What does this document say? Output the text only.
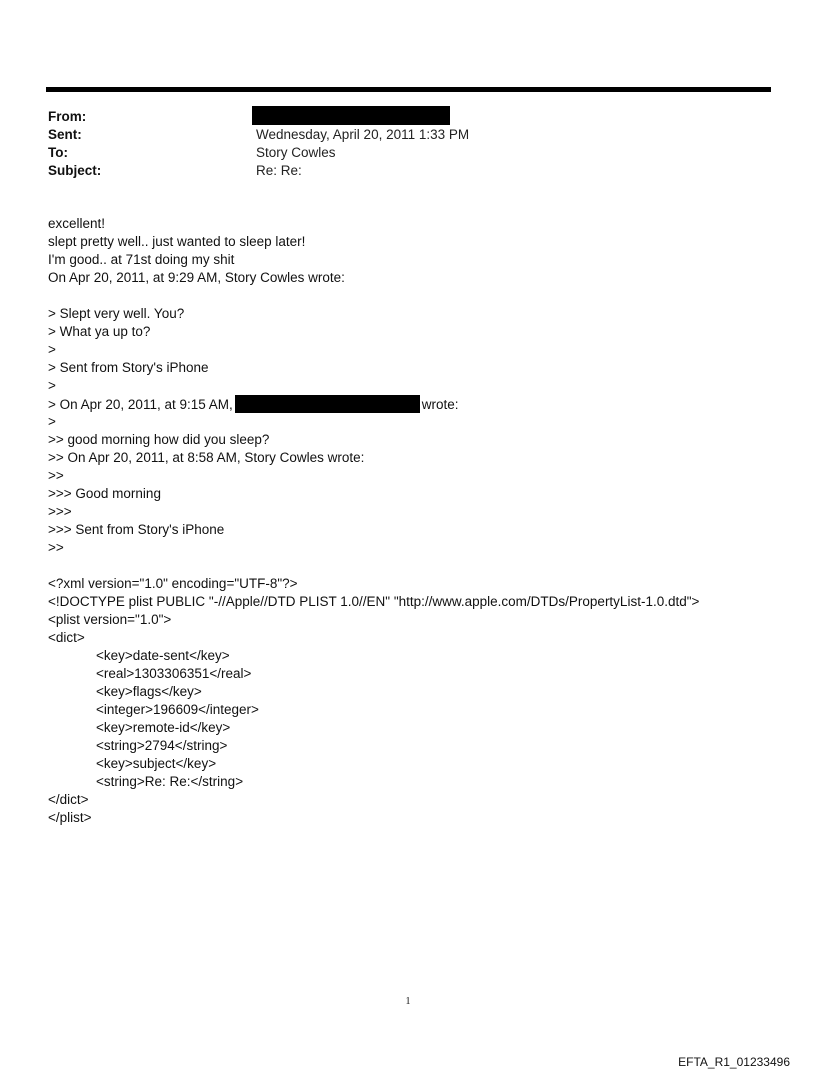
From:
Sent:	Wednesday, April 20, 2011 1:33 PM
To:	Story Cowles
Subject:	Re: Re:
excellent!
slept pretty well.. just wanted to sleep later!
I'm good.. at 71st doing my shit
On Apr 20, 2011, at 9:29 AM, Story Cowles wrote:
> Slept very well. You?
> What ya up to?
>
> Sent from Story's iPhone
>
> On Apr 20, 2011, at 9:15 AM,	wrote:
>
>> good morning how did you sleep?
>> On Apr 20, 2011, at 8:58 AM, Story Cowles wrote:
>>
>>> Good morning
>>>
>>> Sent from Story's iPhone
>>
<?xml version="1.0" encoding="UTF-8"?>
<!DOCTYPE plist PUBLIC "-//Apple//DTD PLIST 1.0//EN" "http://www.apple.com/DTDs/PropertyList-1.0.dtd">
<plist version="1.0">
<dict>
<key>date-sent</key>
<real>1303306351</real>
<key>flags</key>
<integer>196609</integer>
<key>remote-id</key>
<string>2794</string>
<key>subject</key>
<string>Re: Re:</string>
</dict>
</plist>
1
EFTA_R1_01233496
